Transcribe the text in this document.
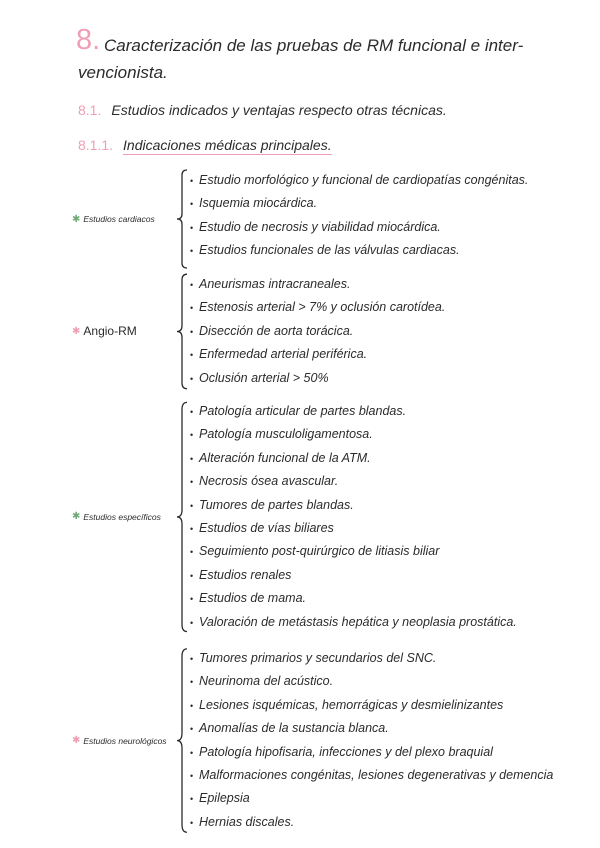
8. Caracterización de las pruebas de RM funcional e inter-
vencionista.
8.1. Estudios indicados y ventajas respecto otras técnicas.
8.1.1. Indicaciones médicas principales.
✱ Estudios cardiacos
• Estudio morfológico y funcional de cardiopatías congénitas.
• Isquemia miocárdica.
• Estudio de necrosis y viabilidad miocárdica.
• Estudios funcionales de las válvulas cardiacas.
✱ Angio-RM
• Aneurismas intracraneales.
• Estenosis arterial > 7% y oclusión carotídea.
• Disección de aorta torácica.
• Enfermedad arterial periférica.
• Oclusión arterial > 50%
✱ Estudios específicos
• Patología articular de partes blandas.
• Patología musculoligamentosa.
• Alteración funcional de la ATM.
• Necrosis ósea avascular.
• Tumores de partes blandas.
• Estudios de vías biliares
• Seguimiento post-quirúrgico de litiasis biliar
• Estudios renales
• Estudios de mama.
• Valoración de metástasis hepática y neoplasia prostática.
✱ Estudios neurológicos
• Tumores primarios y secundarios del SNC.
• Neurinoma del acústico.
• Lesiones isquémicas, hemorrágicas y desmielinizantes
• Anomalías de la sustancia blanca.
• Patología hipofisaria, infecciones y del plexo braquial
• Malformaciones congénitas, lesiones degenerativas y demencia
• Epilepsia
• Hernias discales.
